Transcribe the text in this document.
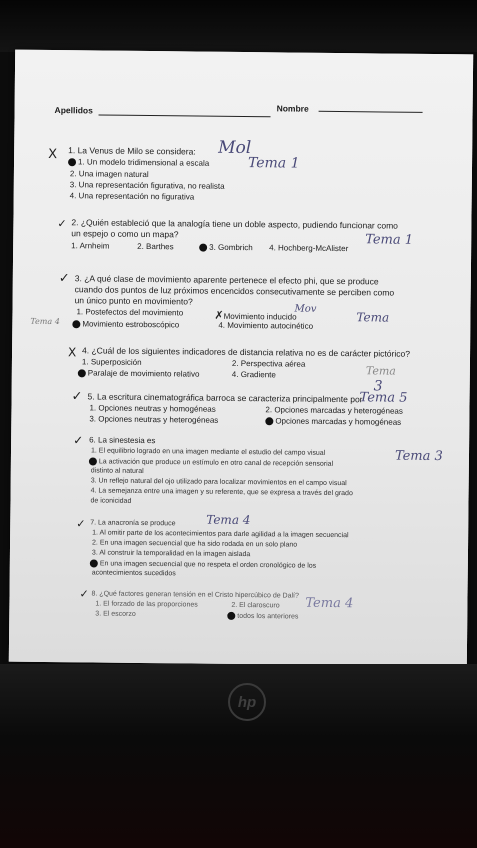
Apellidos	Nombre
X 1. La Venus de Milo se considera: Mol
1. Un modelo tridimensional a escala
2. Una imagen natural
3. Una representación figurativa, no realista
4. Una representación no figurativa
Tema 1
✓ 2. ¿Quién estableció que la analogía tiene un doble aspecto, pudiendo funcionar como
un espejo o como un mapa?
1. Arnheim	2. Barthes	3. Gombrich 4. Hochberg-McAlister
Tema 1
✓ 3. ¿A qué clase de movimiento aparente pertenece el efecto phi, que se produce
cuando dos puntos de luz próximos encencidos consecutivamente se perciben como
un único punto en movimiento?
1. Postefectos del movimiento	✗Movimiento inducido
Mov
Movimiento estroboscópico	4. Movimiento autocinético
Tema 4	Tema
X 4. ¿Cuál de los siguientes indicadores de distancia relativa no es de carácter pictórico?
1. Superposición	2. Perspectiva aérea
Paralaje de movimiento relativo	4. Gradiente	Tema
3
✓ 5. La escritura cinematográfica barroca se caracteriza principalmente por
Tema 5
1. Opciones neutras y homogéneas	2. Opciones marcadas y heterogéneas
3. Opciones neutras y heterogéneas	Opciones marcadas y homogéneas
✓ 6. La sinestesia es
1. El equilibrio logrado en una imagen mediante el estudio del campo visual
La activación que produce un estímulo en otro canal de recepción sensorial
distinto al natural
3. Un reflejo natural del ojo utilizado para localizar movimientos en el campo visual
4. La semejanza entre una imagen y su referente, que se expresa a través del grado
de iconicidad
Tema 3
✓ 7. La anacronía se produce	Tema 4
1. Al omitir parte de los acontecimientos para darle agilidad a la imagen secuencial
2. En una imagen secuencial que ha sido rodada en un solo plano
3. Al construir la temporalidad en la imagen aislada
En una imagen secuencial que no respeta el orden cronológico de los
acontecimientos sucedidos
✓ 8. ¿Qué factores generan tensión en el Cristo hipercúbico de Dalí?
1. El forzado de las proporciones	2. El claroscuro
3. El escorzo	todos los anteriores
Tema 4
hp
